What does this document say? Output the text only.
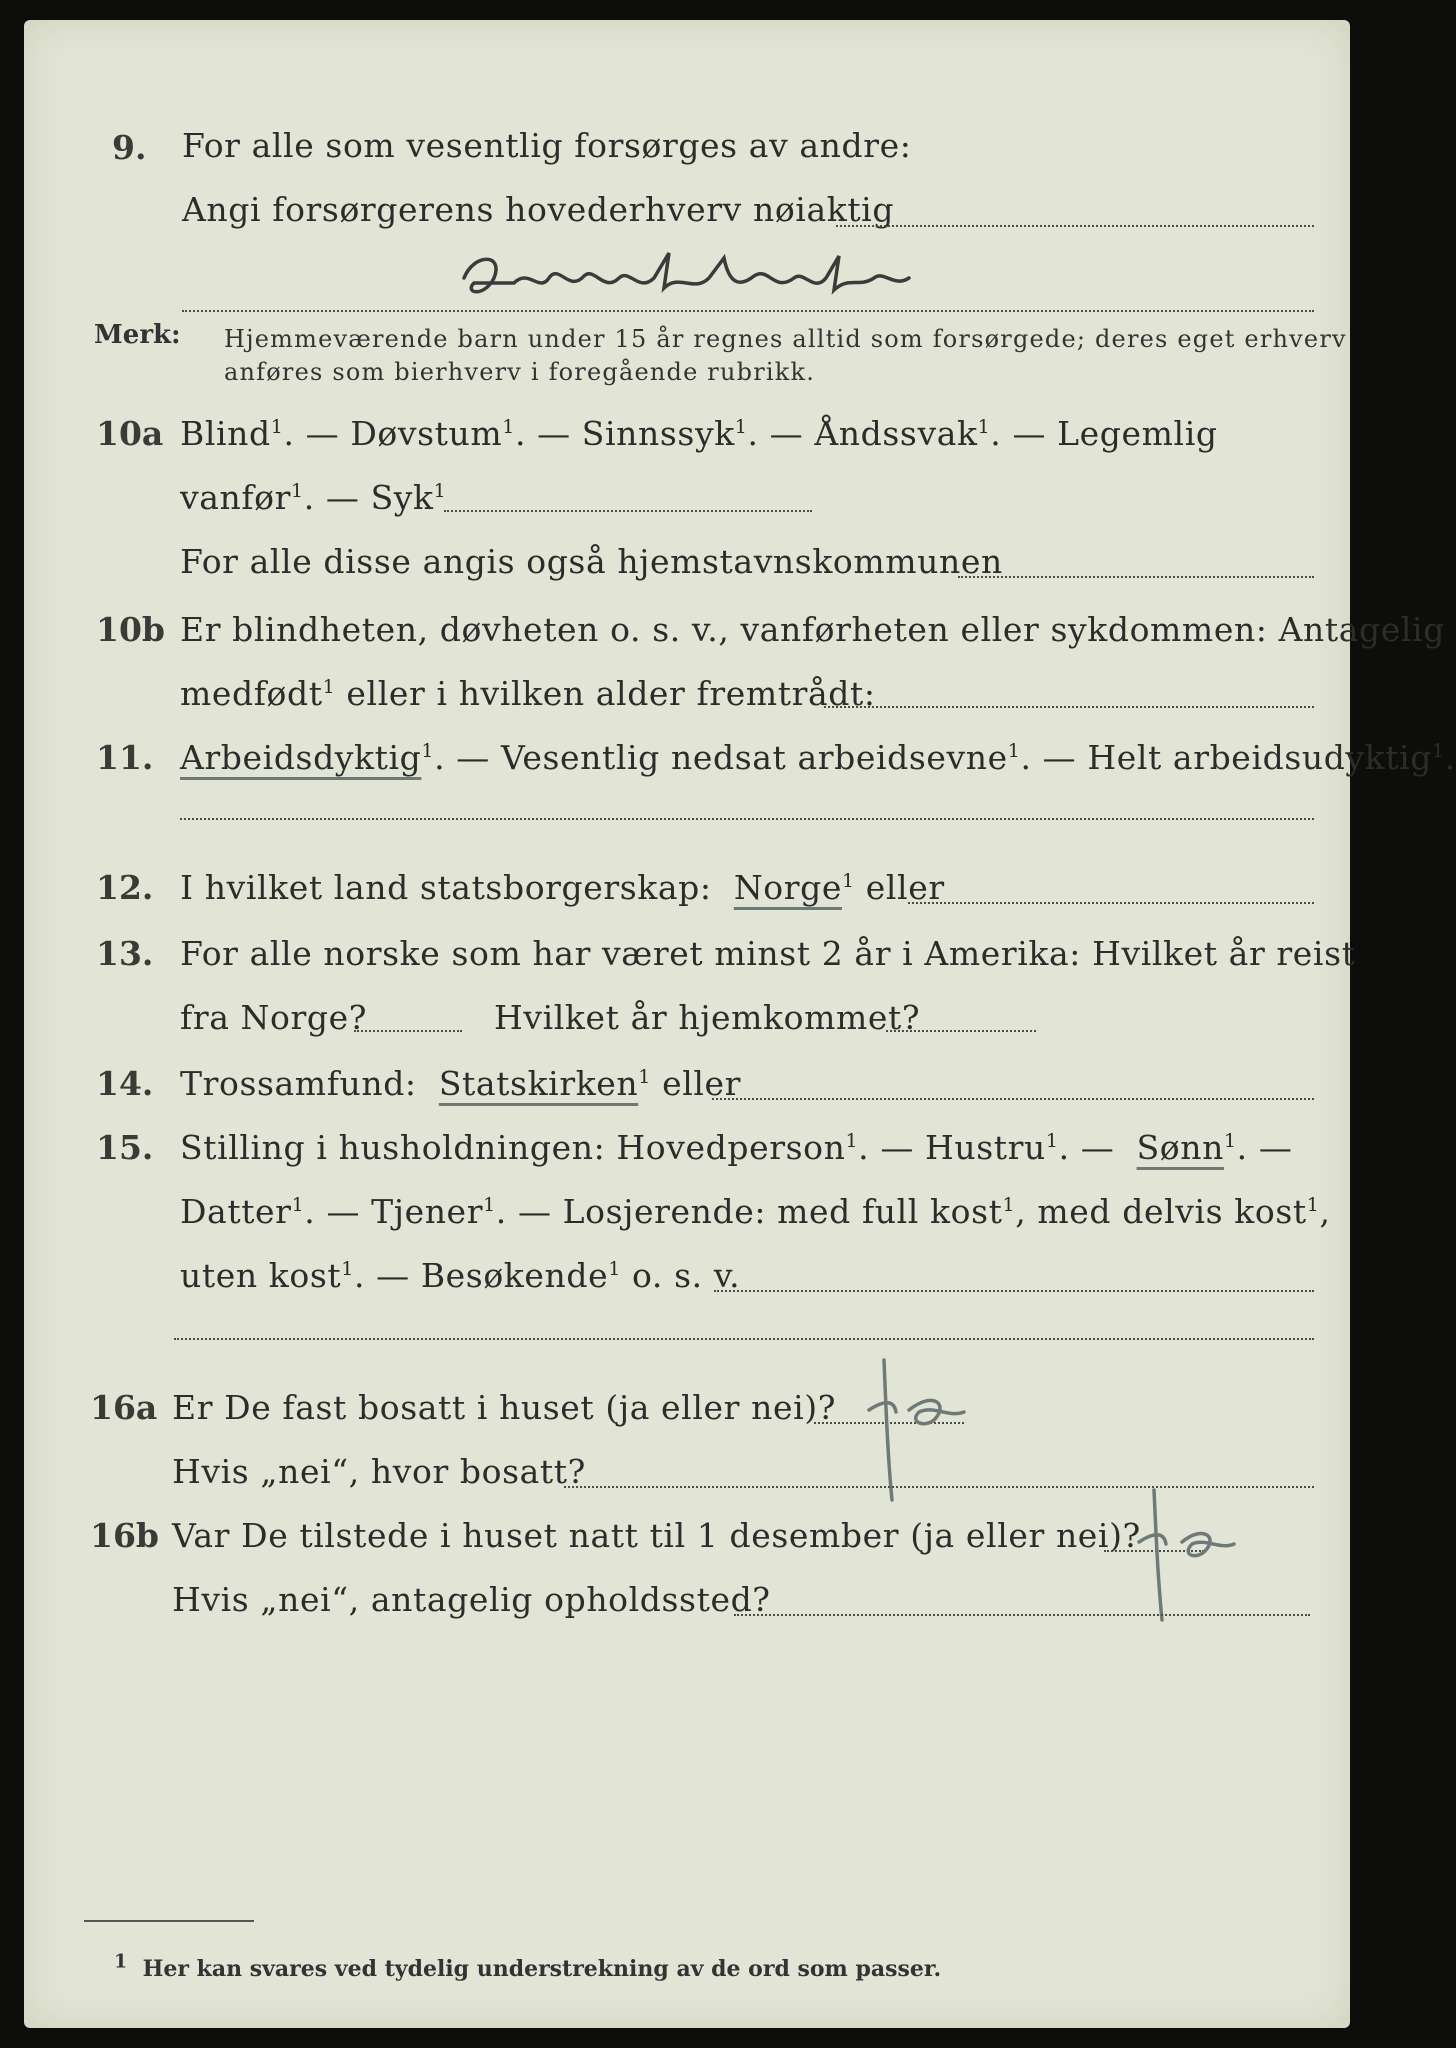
9. For alle som vesentlig forsørges av andre:
Angi forsørgerens hovederhverv nøiaktig
Merk: Hjemmeværende barn under 15 år regnes alltid som forsørgede; deres eget erhverv
anføres som bierhverv i foregående rubrikk.
10a Blind$^1$. — Døvstum$^1$. — Sinnssyk$^1$. — Åndssvak$^1$. — Legemlig
vanfør$^1$. — Syk$^1$
For alle disse angis også hjemstavnskommunen
10b Er blindheten, døvheten o. s. v., vanførheten eller sykdommen: Antagelig
medfødt$^1$ eller i hvilken alder fremtrådt:
11. Arbeidsdyktig$^1$. — Vesentlig nedsat arbeidsevne$^1$. — Helt arbeidsudyktig$^1$.
12. I hvilket land statsborgerskap: Norge$^1$ eller
13. For alle norske som har været minst 2 år i Amerika: Hvilket år reist
fra Norge?	Hvilket år hjemkommet?
14. Trossamfund: Statskirken$^1$ eller
15. Stilling i husholdningen: Hovedperson$^1$. — Hustru$^1$. — Sønn$^1$. —
Datter$^1$. — Tjener$^1$. — Losjerende: med full kost$^1$, med delvis kost$^1$,
uten kost$^1$. — Besøkende$^1$ o. s. v.
16a Er De fast bosatt i huset (ja eller nei)?
Hvis „nei“, hvor bosatt?
16b Var De tilstede i huset natt til 1 desember (ja eller nei)?
Hvis „nei“, antagelig opholdssted?
1 Her kan svares ved tydelig understrekning av de ord som passer.
